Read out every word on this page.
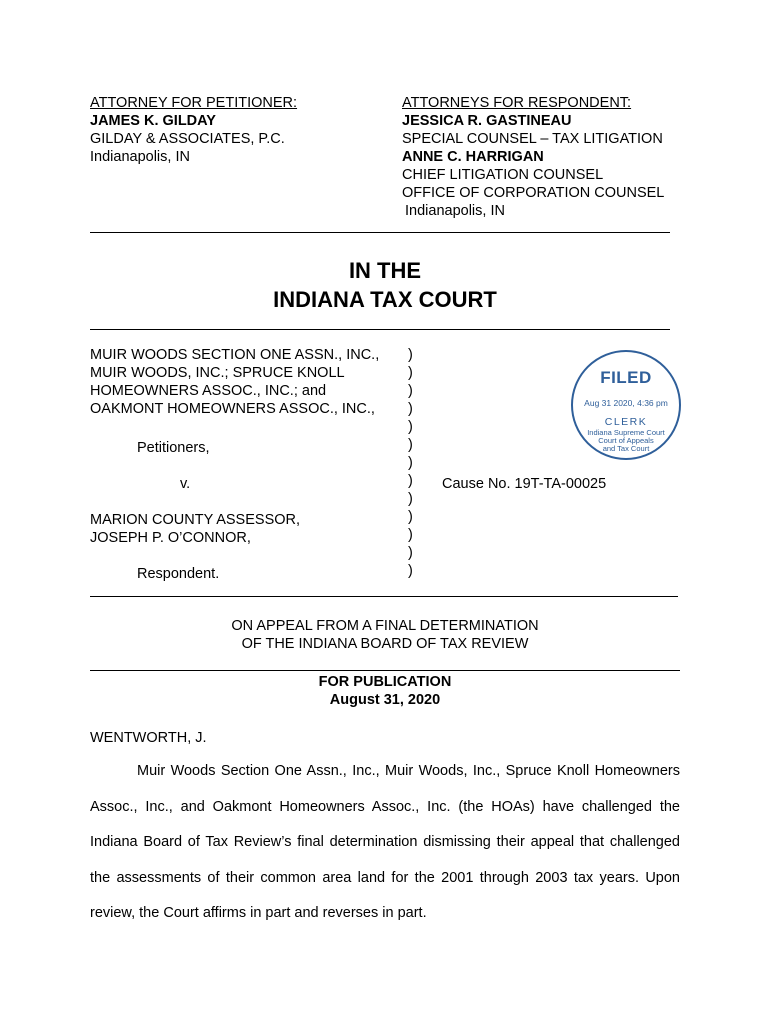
ATTORNEY FOR PETITIONER:
JAMES K. GILDAY
GILDAY & ASSOCIATES, P.C.
Indianapolis, IN
ATTORNEYS FOR RESPONDENT:
JESSICA R. GASTINEAU
SPECIAL COUNSEL – TAX LITIGATION
ANNE C. HARRIGAN
CHIEF LITIGATION COUNSEL
OFFICE OF CORPORATION COUNSEL
Indianapolis, IN
IN THE
INDIANA TAX COURT
MUIR WOODS SECTION ONE ASSN., INC.,
MUIR WOODS, INC.; SPRUCE KNOLL
HOMEOWNERS ASSOC., INC.; and
OAKMONT HOMEOWNERS ASSOC., INC.,
Petitioners,
v.
MARION COUNTY ASSESSOR,
JOSEPH P. O’CONNOR,
Respondent.
)
)
)
)
)
)
)
)
)
)
)
)
)
Cause No. 19T-TA-00025
FILED
Aug 31 2020, 4:36 pm
CLERK
Indiana Supreme Court
Court of Appeals
and Tax Court
ON APPEAL FROM A FINAL DETERMINATION
OF THE INDIANA BOARD OF TAX REVIEW
FOR PUBLICATION
August 31, 2020
WENTWORTH, J.
Muir Woods Section One Assn., Inc., Muir Woods, Inc., Spruce Knoll Homeowners Assoc., Inc., and Oakmont Homeowners Assoc., Inc. (the HOAs) have challenged the Indiana Board of Tax Review’s final determination dismissing their appeal that challenged the assessments of their common area land for the 2001 through 2003 tax years. Upon review, the Court affirms in part and reverses in part.
